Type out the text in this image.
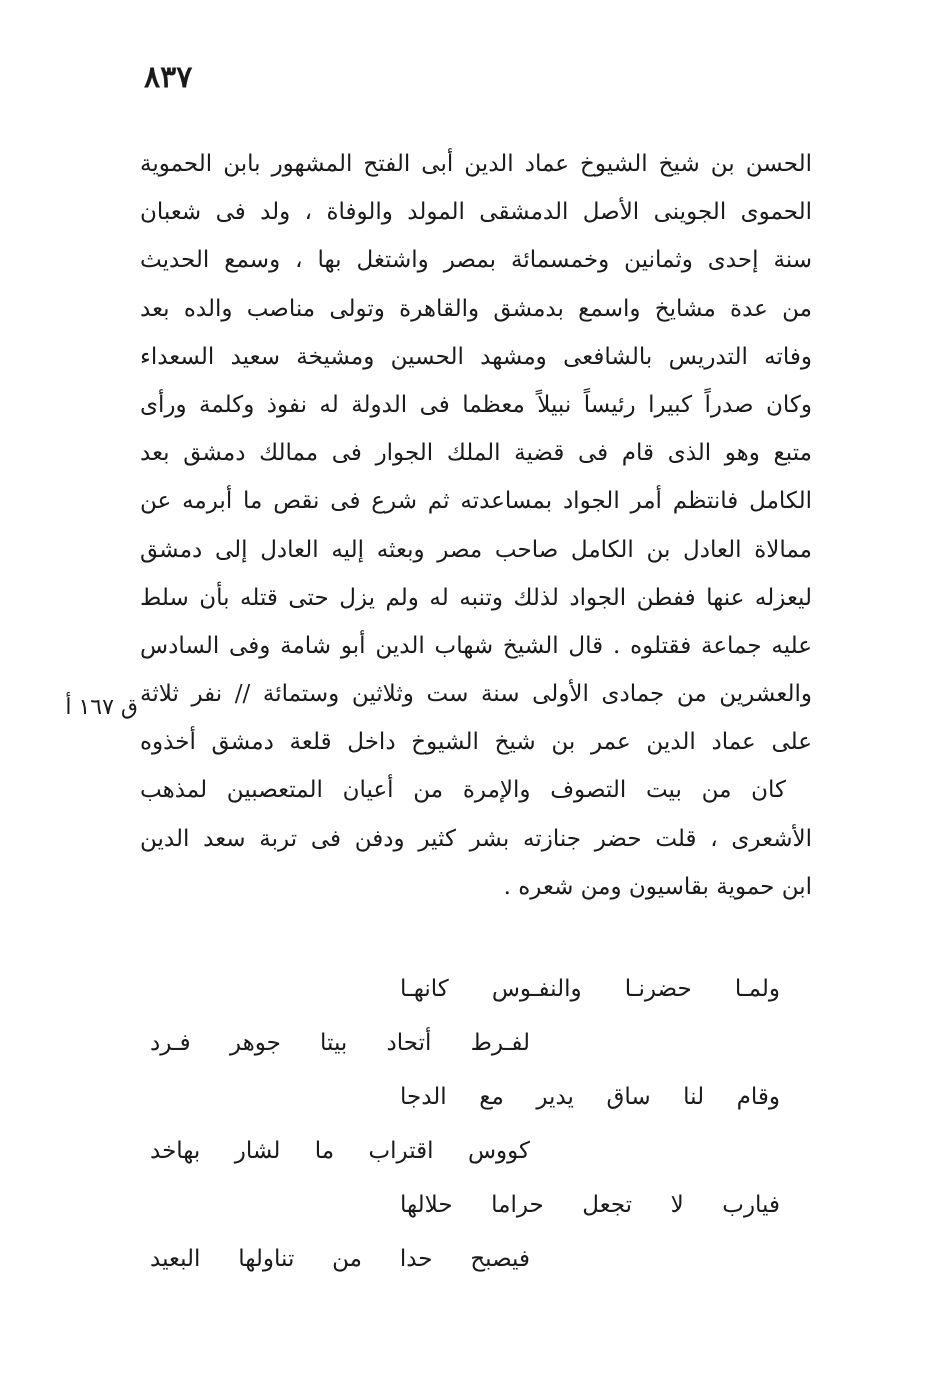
٨٣٧
ق ١٦٧ أ
الحسن بن شيخ الشيوخ عماد الدين أبى الفتح المشهور بابن الحموية
الحموى الجوينى الأصل الدمشقى المولد والوفاة ، ولد فى شعبان
سنة إحدى وثمانين وخمسمائة بمصر واشتغل بها ، وسمع الحديث
من عدة مشايخ واسمع بدمشق والقاهرة وتولى مناصب والده بعد
وفاته التدريس بالشافعى ومشهد الحسين ومشيخة سعيد السعداء
وكان صدراً كبيرا رئيساً نبيلاً معظما فى الدولة له نفوذ وكلمة ورأى
متبع وهو الذى قام فى قضية الملك الجوار فى ممالك دمشق بعد
الكامل فانتظم أمر الجواد بمساعدته ثم شرع فى نقص ما أبرمه عن
ممالاة العادل بن الكامل صاحب مصر وبعثه إليه العادل إلى دمشق
ليعزله عنها ففطن الجواد لذلك وتنبه له ولم يزل حتى قتله بأن سلط
عليه جماعة فقتلوه . قال الشيخ شهاب الدين أبو شامة وفى السادس
والعشرين من جمادى الأولى سنة ست وثلاثين وستمائة // نفر ثلاثة
على عماد الدين عمر بن شيخ الشيوخ داخل قلعة دمشق أخذوه
كان من بيت التصوف والإمرة من أعيان المتعصبين لمذهب
الأشعرى ، قلت حضر جنازته بشر كثير ودفن فى تربة سعد الدين
ابن حموية بقاسيون ومن شعره .
ولمـا حضرنـا والنفـوس كانهـا
لفـرط أتحاد بيتا جوهر فـرد
وقام لنا ساق يدير مع الدجا
كووس اقتراب ما لشار بهاخد
فيارب لا تجعل حراما حلالها
فيصبح حدا من تناولها البعيد
